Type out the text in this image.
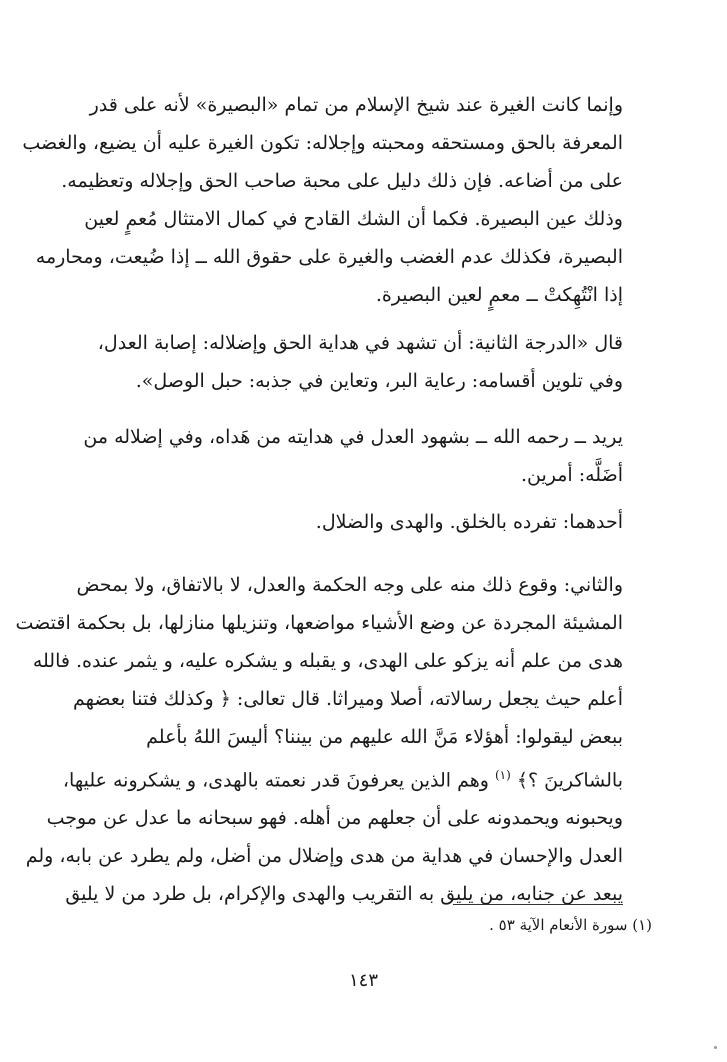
وإنما كانت الغيرة عند شيخ الإسلام من تمام «البصيرة» لأنه على قدر
المعرفة بالحق ومستحقه ومحبته وإجلاله: تكون الغيرة عليه أن يضيع، والغضب
على من أضاعه. فإن ذلك دليل على محبة صاحب الحق وإجلاله وتعظيمه.
وذلك عين البصيرة. فكما أن الشك القادح في كمال الامتثال مُعمٍ لعين
البصيرة، فكذلك عدم الغضب والغيرة على حقوق الله ــ إذا ضُيعت، ومحارمه
إذا انْتُهِكتْ ــ معمٍ لعين البصيرة.
قال «الدرجة الثانية: أن تشهد في هداية الحق وإضلاله: إصابة العدل،
وفي تلوين أقسامه: رعاية البر، وتعاين في جذبه: حبل الوصل».
يريد ــ رحمه الله ــ بشهود العدل في هدايته من هَداه، وفي إضلاله من
أضَلَّه: أمرين.
أحدهما: تفرده بالخلق. والهدى والضلال.
والثاني: وقوع ذلك منه على وجه الحكمة والعدل، لا بالاتفاق، ولا بمحض
المشيئة المجردة عن وضع الأشياء مواضعها، وتنزيلها منازلها، بل بحكمة اقتضت
هدى من علم أنه يزكو على الهدى، و يقبله و يشكره عليه، و يثمر عنده. فالله
أعلم حيث يجعل رسالاته، أصلا وميراثا. قال تعالى: ﴿ وكذلك فتنا بعضهم
ببعض ليقولوا: أهؤلاء مَنَّ الله عليهم من بيننا؟ أليسَ اللهُ بأعلم
بالشاكرينَ ؟﴾ $^{(١)}$ وهم الذين يعرفونَ قدر نعمته بالهدى، و يشكرونه عليها،
ويحبونه ويحمدونه على أن جعلهم من أهله. فهو سبحانه ما عدل عن موجب
العدل والإحسان في هداية من هدى وإضلال من أضل، ولم يطرد عن بابه، ولم
يبعد عن جنابه، من يليق به التقريب والهدى والإكرام، بل طرد من لا يليق
(١) سورة الأنعام الآية ٥٣ .
١٤٣
